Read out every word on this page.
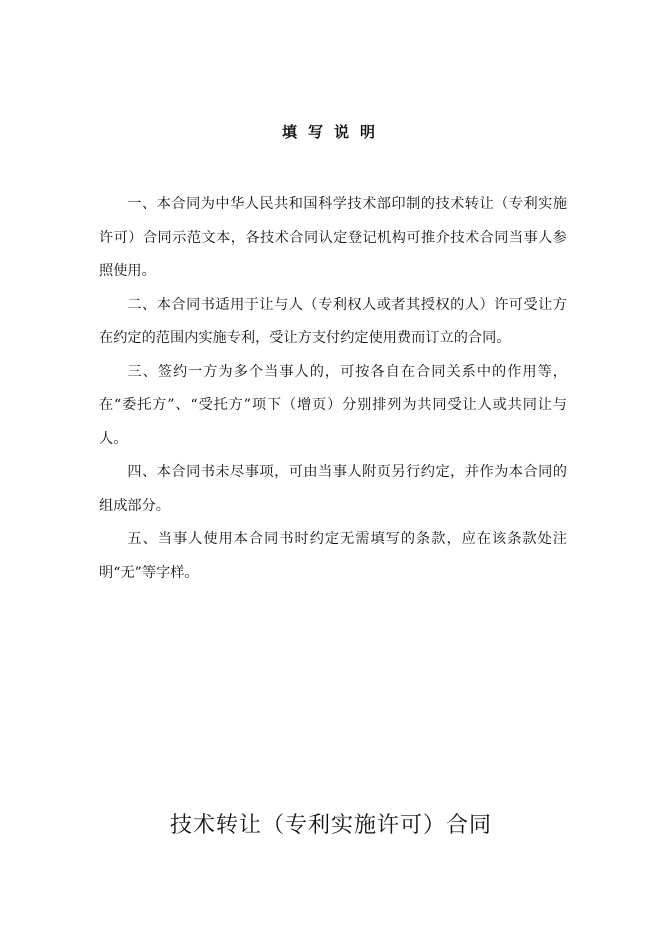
填写说明

一、本合同为中华人民共和国科学技术部印制的技术转让（专利实施许可）合同示范文本，各技术合同认定登记机构可推介技术合同当事人参照使用。

二、本合同书适用于让与人（专利权人或者其授权的人）许可受让方在约定的范围内实施专利，受让方支付约定使用费而订立的合同。

三、签约一方为多个当事人的，可按各自在合同关系中的作用等，在“委托方”、“受托方”项下（增页）分别排列为共同受让人或共同让与人。

四、本合同书未尽事项，可由当事人附页另行约定，并作为本合同的组成部分。

五、当事人使用本合同书时约定无需填写的条款，应在该条款处注明“无”等字样。

技术转让（专利实施许可）合同
